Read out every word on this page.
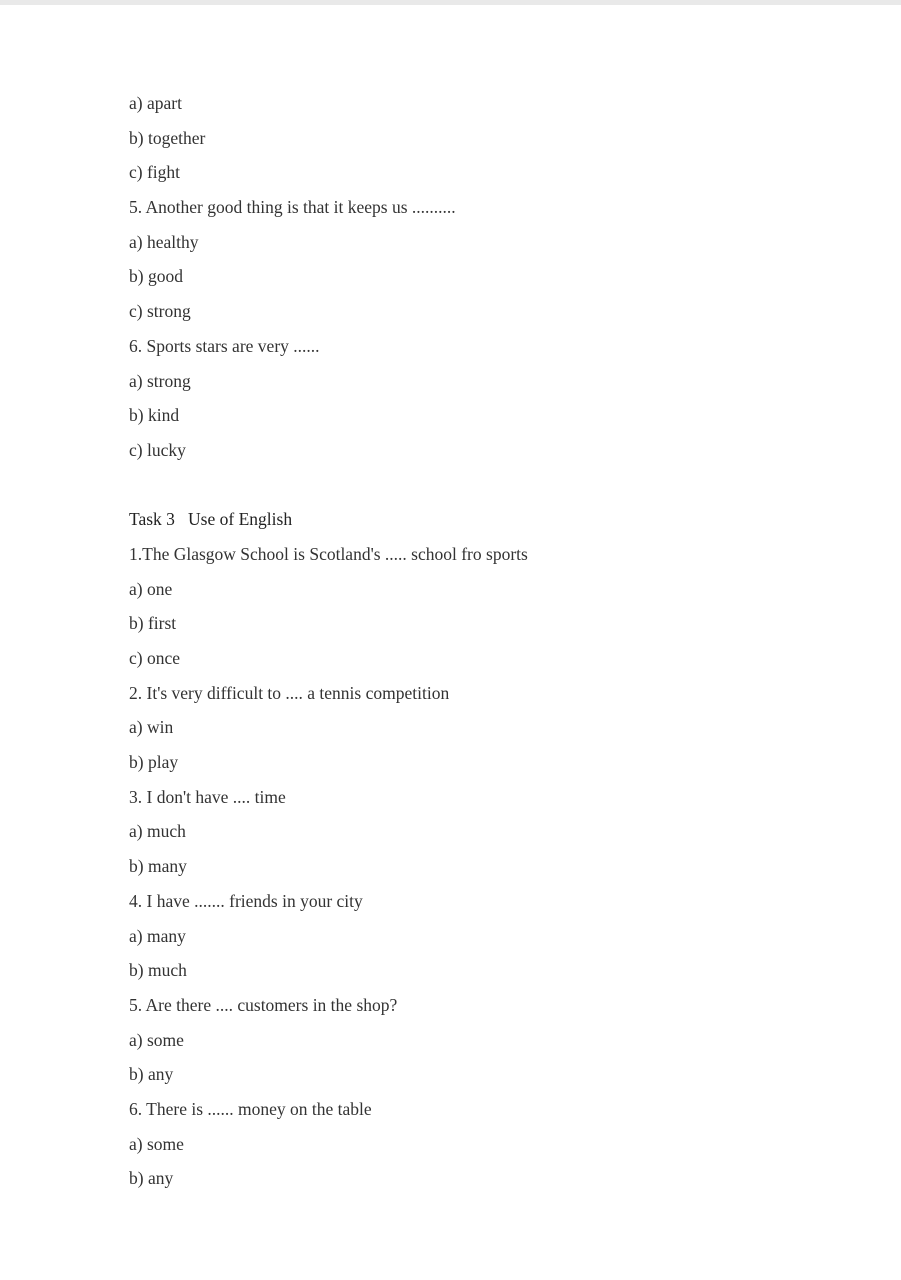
a) apart
b) together
c) fight
5. Another good thing is that it keeps us ..........
a) healthy
b) good
c) strong
6. Sports stars are very ......
a) strong
b) kind
c) lucky
Task 3   Use of English
1.The Glasgow School is Scotland's ..... school fro sports
a) one
b) first
c) once
2. It's very difficult to .... a tennis competition
a) win
b) play
3. I don't have .... time
a) much
b) many
4. I have ....... friends in your city
a) many
b) much
5. Are there .... customers in the shop?
a) some
b) any
6. There is ...... money on the table
a) some
b) any
